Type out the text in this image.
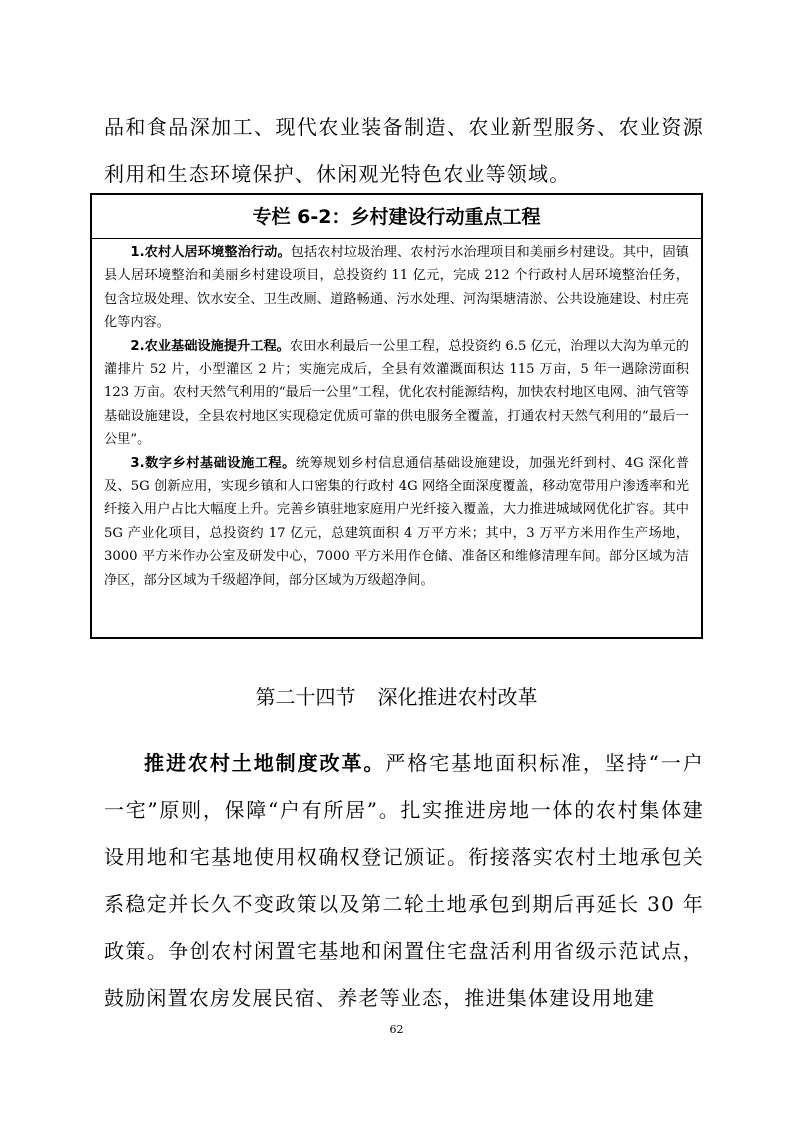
品和食品深加工、现代农业装备制造、农业新型服务、农业资源利用和生态环境保护、休闲观光特色农业等领域。

专栏 6-2：乡村建设行动重点工程

1.农村人居环境整治行动。包括农村垃圾治理、农村污水治理项目和美丽乡村建设。其中，固镇县人居环境整治和美丽乡村建设项目，总投资约 11 亿元，完成 212 个行政村人居环境整治任务，包含垃圾处理、饮水安全、卫生改厕、道路畅通、污水处理、河沟渠塘清淤、公共设施建设、村庄亮化等内容。

2.农业基础设施提升工程。农田水利最后一公里工程，总投资约 6.5 亿元，治理以大沟为单元的灌排片 52 片，小型灌区 2 片；实施完成后，全县有效灌溉面积达 115 万亩，5 年一遇除涝面积 123 万亩。农村天然气利用的“最后一公里”工程，优化农村能源结构，加快农村地区电网、油气管等基础设施建设，全县农村地区实现稳定优质可靠的供电服务全覆盖，打通农村天然气利用的“最后一公里”。

3.数字乡村基础设施工程。统筹规划乡村信息通信基础设施建设，加强光纤到村、4G 深化普及、5G 创新应用，实现乡镇和人口密集的行政村 4G 网络全面深度覆盖，移动宽带用户渗透率和光纤接入用户占比大幅度上升。完善乡镇驻地家庭用户光纤接入覆盖，大力推进城域网优化扩容。其中 5G 产业化项目，总投资约 17 亿元，总建筑面积 4 万平方米；其中，3 万平方米用作生产场地，3000 平方米作办公室及研发中心，7000 平方米用作仓储、准备区和维修清理车间。部分区域为洁净区，部分区域为千级超净间，部分区域为万级超净间。

第二十四节 深化推进农村改革

推进农村土地制度改革。严格宅基地面积标准，坚持“一户一宅”原则，保障“户有所居”。扎实推进房地一体的农村集体建设用地和宅基地使用权确权登记颁证。衔接落实农村土地承包关系稳定并长久不变政策以及第二轮土地承包到期后再延长 30 年政策。争创农村闲置宅基地和闲置住宅盘活利用省级示范试点，鼓励闲置农房发展民宿、养老等业态，推进集体建设用地建

62
